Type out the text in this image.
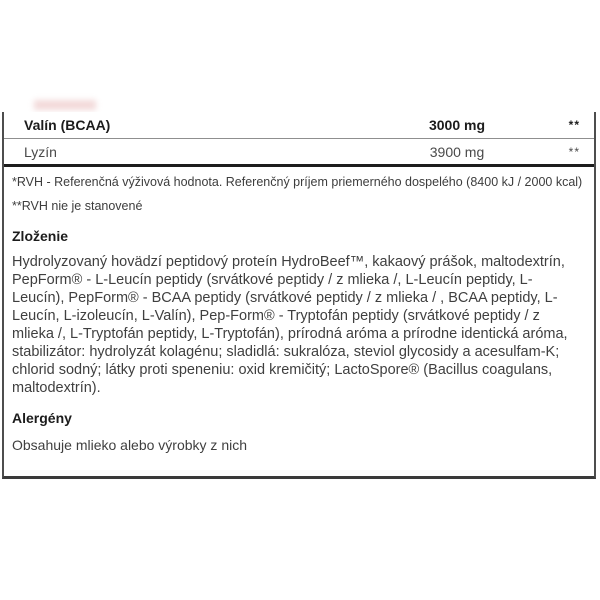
Valín (BCAA)	3000 mg	**
Lyzín	3900 mg	**
*RVH - Referenčná výživová hodnota. Referenčný príjem priemerného dospelého (8400 kJ / 2000 kcal)
**RVH nie je stanovené
Zloženie
Hydrolyzovaný hovädzí peptidový proteín HydroBeef™, kakaový prášok, maltodextrín, PepForm® - L-Leucín peptidy (srvátkové peptidy / z mlieka /, L-Leucín peptidy, L-Leucín), PepForm® - BCAA peptidy (srvátkové peptidy / z mlieka / , BCAA peptidy, L-Leucín, L-izoleucín, L-Valín), Pep-Form® - Tryptofán peptidy (srvátkové peptidy / z mlieka /, L-Tryptofán peptidy, L-Tryptofán), prírodná aróma a prírodne identická aróma, stabilizátor: hydrolyzát kolagénu; sladidlá: sukralóza, steviol glycosidy a acesulfam-K; chlorid sodný; látky proti speneniu: oxid kremičitý; LactoSpore® (Bacillus coagulans, maltodextrín).
Alergény
Obsahuje mlieko alebo výrobky z nich
